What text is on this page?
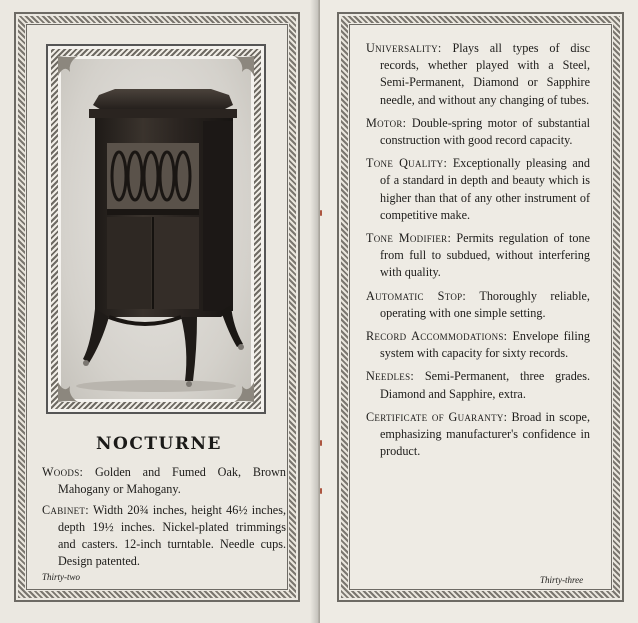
NOCTURNE

Woods: Golden and Fumed Oak, Brown Mahogany or Mahogany.

Cabinet: Width 20¾ inches, height 46½ inches, depth 19½ inches. Nickel-plated trimmings and casters. 12-inch turntable. Needle cups. Design patented.

Thirty-two

Universality: Plays all types of disc records, whether played with a Steel, Semi-Permanent, Diamond or Sapphire needle, and without any changing of tubes.

Motor: Double-spring motor of substantial construction with good record capacity.

Tone Quality: Exceptionally pleasing and of a standard in depth and beauty which is higher than that of any other instrument of competitive make.

Tone Modifier: Permits regulation of tone from full to subdued, without interfering with quality.

Automatic Stop: Thoroughly reliable, operating with one simple setting.

Record Accommodations: Envelope filing system with capacity for sixty records.

Needles: Semi-Permanent, three grades. Diamond and Sapphire, extra.

Certificate of Guaranty: Broad in scope, emphasizing manufacturer's confidence in product.

Thirty-three
